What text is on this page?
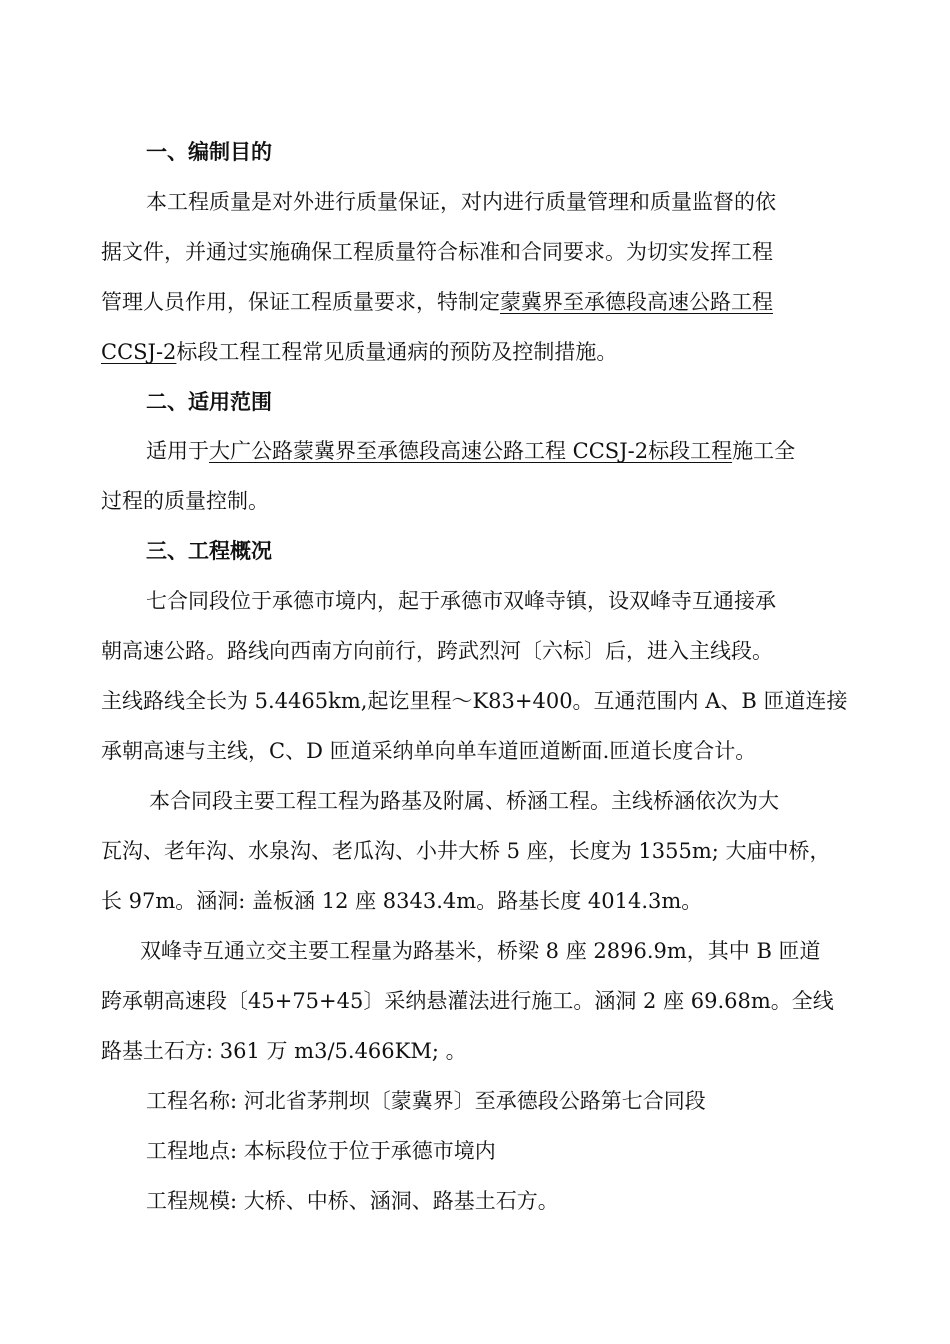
一、编制目的
本工程质量是对外进行质量保证，对内进行质量管理和质量监督的依
据文件，并通过实施确保工程质量符合标准和合同要求。为切实发挥工程
管理人员作用，保证工程质量要求，特制定蒙冀界至承德段高速公路工程
CCSJ-2标段工程工程常见质量通病的预防及控制措施。
二、适用范围
适用于大广公路蒙冀界至承德段高速公路工程 CCSJ-2标段工程施工全
过程的质量控制。
三、工程概况
七合同段位于承德市境内，起于承德市双峰寺镇，设双峰寺互通接承
朝高速公路。路线向西南方向前行，跨武烈河〔六标〕后，进入主线段。
主线路线全长为 5.4465km,起讫里程～K83+400。互通范围内 A、B 匝道连接
承朝高速与主线，C、D 匝道采纳单向单车道匝道断面.匝道长度合计。
本合同段主要工程工程为路基及附属、桥涵工程。主线桥涵依次为大
瓦沟、老年沟、水泉沟、老瓜沟、小井大桥 5 座，长度为 1355m; 大庙中桥，
长 97m。涵洞: 盖板涵 12 座 8343.4m。路基长度 4014.3m。
双峰寺互通立交主要工程量为路基米，桥梁 8 座 2896.9m，其中 B 匝道
跨承朝高速段〔45+75+45〕采纳悬灌法进行施工。涵洞 2 座 69.68m。全线
路基土石方: 361 万 m3/5.466KM; 。
工程名称: 河北省茅荆坝〔蒙冀界〕至承德段公路第七合同段
工程地点: 本标段位于位于承德市境内
工程规模: 大桥、中桥、涵洞、路基土石方。
